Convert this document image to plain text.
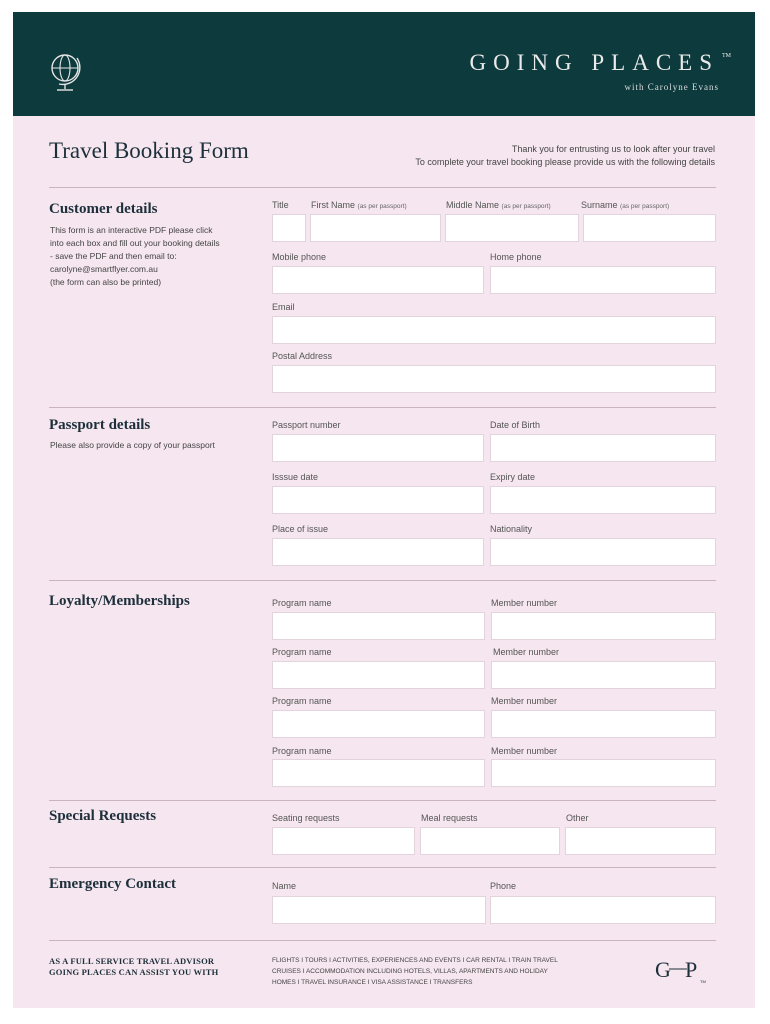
GOING PLACES TM
with Carolyne Evans
Travel Booking Form	Thank you for entrusting us to look after your travel
To complete your travel booking please provide us with the following details
Customer details
This form is an interactive PDF please click
into each box and fill out your booking details
- save the PDF and then email to:
carolyne@smartflyer.com.au
(the form can also be printed)
Title First Name (as per passport)	Middle Name (as per passport)	Surname (as per passport)
Mobile phone	Home phone
Email
Postal Address
Passport details
Please also provide a copy of your passport
Passport number	Date of Birth
Isssue date	Expiry date
Place of issue	Nationality
Loyalty/Memberships	Program name	Member number
Program name	Member number
Program name	Member number
Program name	Member number
Special Requests	Seating requests	Meal requests	Other
Emergency Contact	Name	Phone
AS A FULL SERVICE TRAVEL ADVISOR
GOING PLACES CAN ASSIST YOU WITH
FLIGHTS I TOURS I ACTIVITIES, EXPERIENCES AND EVENTS I CAR RENTAL I TRAIN TRAVEL
CRUISES I ACCOMMODATION INCLUDING HOTELS, VILLAS, APARTMENTS AND HOLIDAY
HOMES I TRAVEL INSURANCE I VISA ASSISTANCE I TRANSFERS
G P TM
